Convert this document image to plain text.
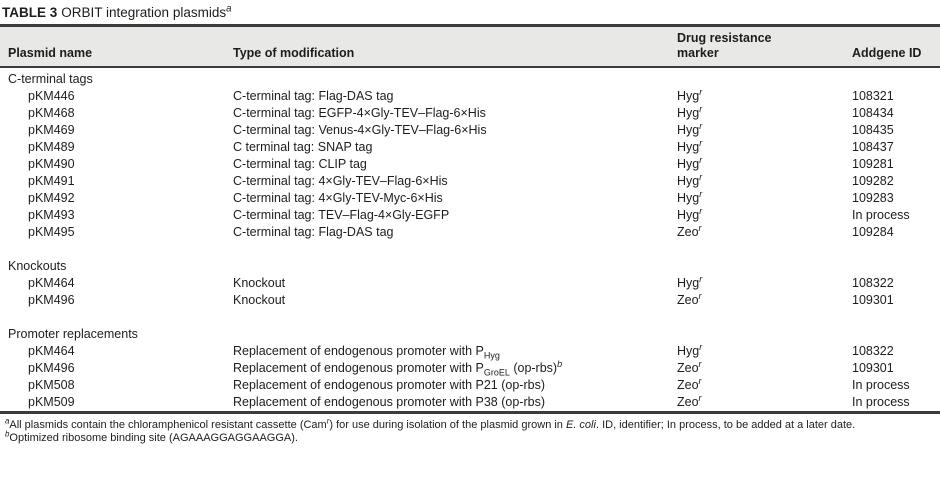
TABLE 3 ORBIT integration plasmids$^a$
Plasmid name	Type of modification	Drug resistance
marker	Addgene ID

C-terminal tags			
pKM446	C-terminal tag: Flag-DAS tag	Hyg$^r$	108321
pKM468	C-terminal tag: EGFP-4×Gly-TEV–Flag-6×His	Hyg$^r$	108434
pKM469	C-terminal tag: Venus-4×Gly-TEV–Flag-6×His	Hyg$^r$	108435
pKM489	C terminal tag: SNAP tag	Hyg$^r$	108437
pKM490	C-terminal tag: CLIP tag	Hyg$^r$	109281
pKM491	C-terminal tag: 4×Gly-TEV–Flag-6×His	Hyg$^r$	109282
pKM492	C-terminal tag: 4×Gly-TEV-Myc-6×His	Hyg$^r$	109283
pKM493	C-terminal tag: TEV–Flag-4×Gly-EGFP	Hyg$^r$	In process
pKM495	C-terminal tag: Flag-DAS tag	Zeo$^r$	109284

Knockouts			
pKM464	Knockout	Hyg$^r$	108322
pKM496	Knockout	Zeo$^r$	109301

Promoter replacements			
pKM464	Replacement of endogenous promoter with $P_{Hyg}$	Hyg$^r$	108322
pKM496	Replacement of endogenous promoter with $P_{GroEL}$ $(op-rbs)^b$	Zeo$^r$	109301
pKM508	Replacement of endogenous promoter with P21 (op-rbs)	Zeo$^r$	In process
pKM509	Replacement of endogenous promoter with P38 (op-rbs)	Zeo$^r$	In process

$^a$All plasmids contain the chloramphenicol resistant cassette (Cam$^r$) for use during isolation of the plasmid grown in E. coli. ID, identifier; In process, to be added at a later date.

$^b$Optimized ribosome binding site (AGAAAGGAGGAAGGA).
